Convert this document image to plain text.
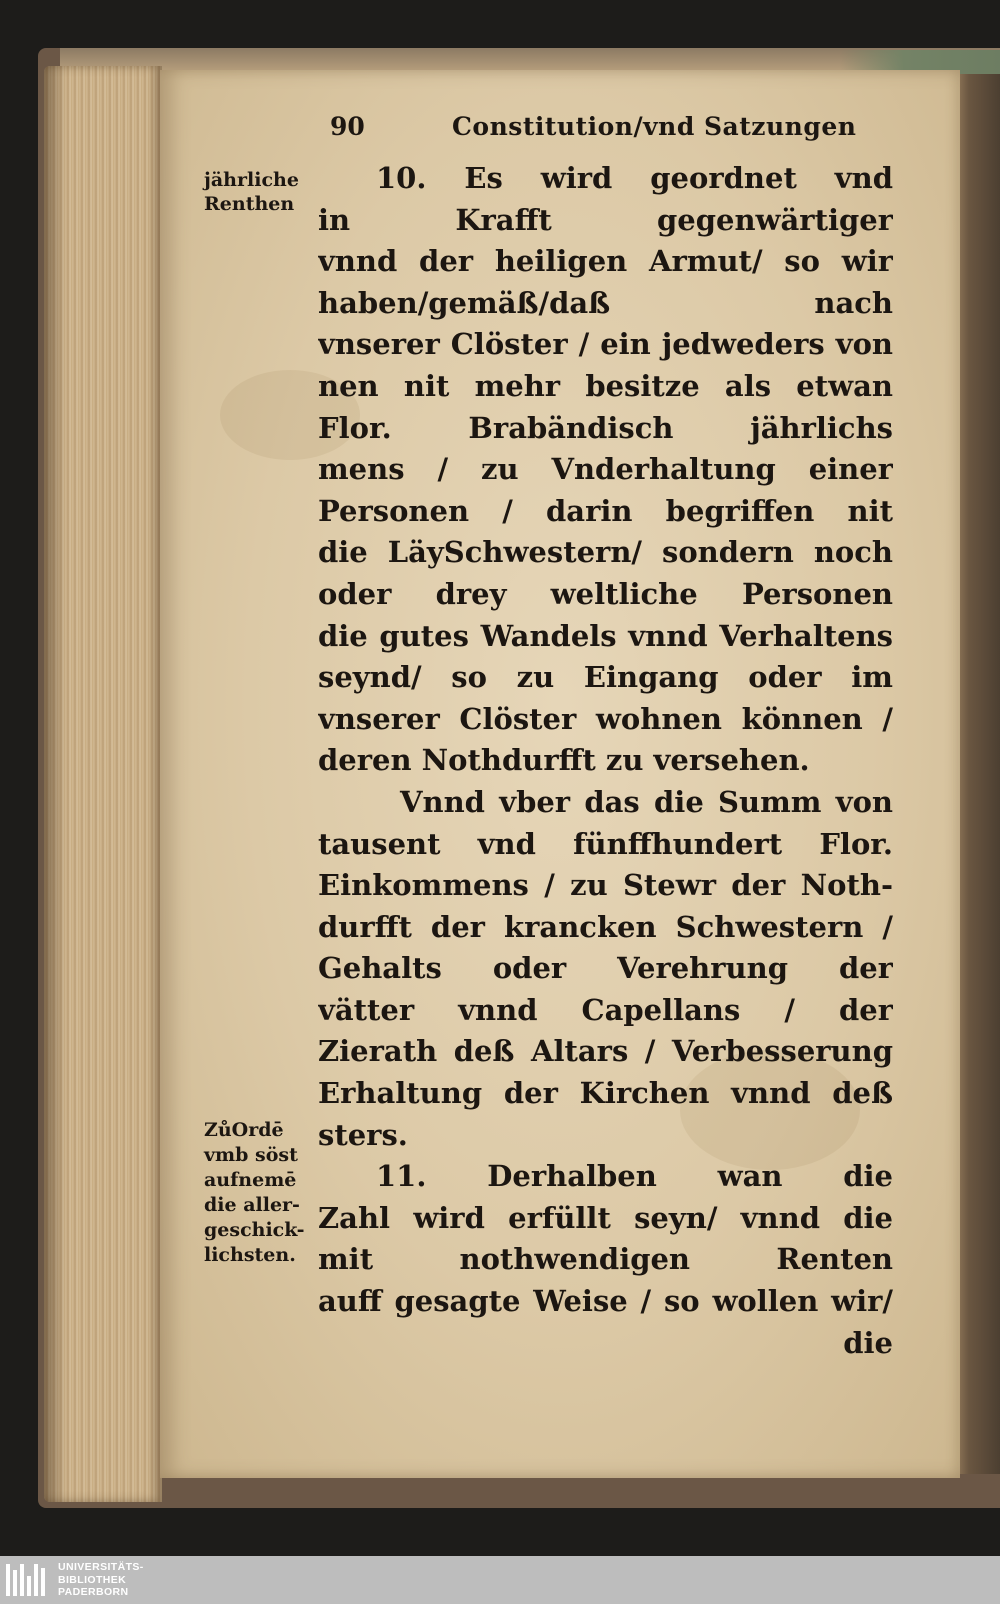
90	Constitution/vnd Satzungen
jährliche
Renthen
ZůOrdē
vmb söst
aufnemē
die aller-
geschick-
lichsten.
10. Es wird geordnet vnd
in Krafft gegenwärtiger
vnnd der heiligen Armut/ so wir
haben/gemäß/daß nach
vnserer Clöster / ein jedweders von
nen nit mehr besitze als etwan
Flor. Brabändisch jährlichs
mens / zu Vnderhaltung einer
Personen / darin begriffen nit
die LäySchwestern/ sondern noch
oder drey weltliche Personen
die gutes Wandels vnnd Verhaltens
seynd/ so zu Eingang oder im
vnserer Clöster wohnen können /
deren Nothdurfft zu versehen.
Vnnd vber das die Summ von
tausent vnd fünffhundert Flor.
Einkommens / zu Stewr der Noth-
durfft der krancken Schwestern /
Gehalts oder Verehrung der
vätter vnnd Capellans / der
Zierath deß Altars / Verbesserung
Erhaltung der Kirchen vnnd deß
sters.
11. Derhalben wan die
Zahl wird erfüllt seyn/ vnnd die
mit nothwendigen Renten
auff gesagte Weise / so wollen wir/
die
UNIVERSITÄTS-
BIBLIOTHEK
PADERBORN
